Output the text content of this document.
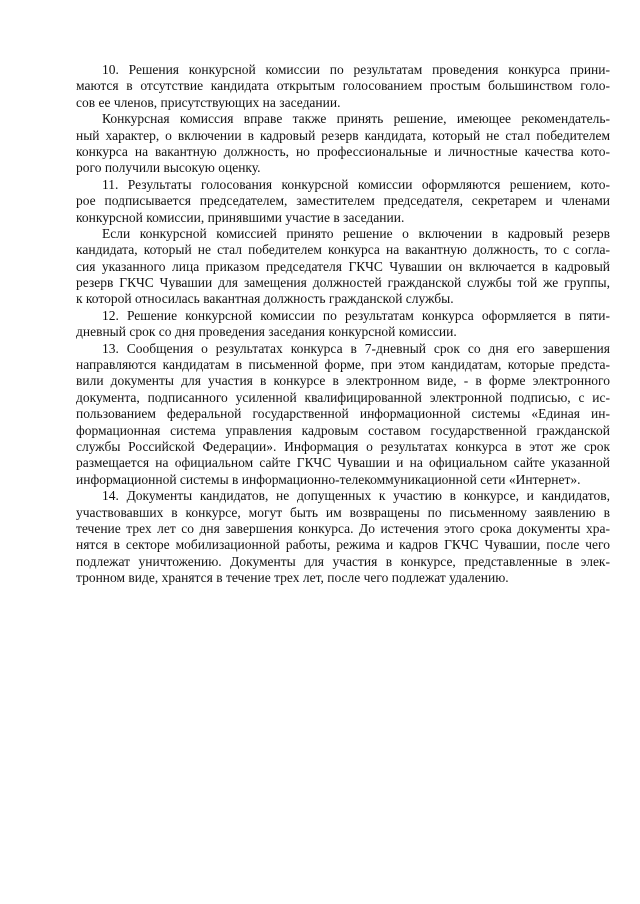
10. Решения конкурсной комиссии по результатам проведения конкурса прини-
маются в отсутствие кандидата открытым голосованием простым большинством голо-
сов ее членов, присутствующих на заседании.
Конкурсная комиссия вправе также принять решение, имеющее рекомендатель-
ный характер, о включении в кадровый резерв кандидата, который не стал победителем
конкурса на вакантную должность, но профессиональные и личностные качества кото-
рого получили высокую оценку.
11. Результаты голосования конкурсной комиссии оформляются решением, кото-
рое подписывается председателем, заместителем председателя, секретарем и членами
конкурсной комиссии, принявшими участие в заседании.
Если конкурсной комиссией принято решение о включении в кадровый резерв
кандидата, который не стал победителем конкурса на вакантную должность, то с согла-
сия указанного лица приказом председателя ГКЧС Чувашии он включается в кадровый
резерв ГКЧС Чувашии для замещения должностей гражданской службы той же группы,
к которой относилась вакантная должность гражданской службы.
12. Решение конкурсной комиссии по результатам конкурса оформляется в пяти-
дневный срок со дня проведения заседания конкурсной комиссии.
13. Сообщения о результатах конкурса в 7-дневный срок со дня его завершения
направляются кандидатам в письменной форме, при этом кандидатам, которые предста-
вили документы для участия в конкурсе в электронном виде, - в форме электронного
документа, подписанного усиленной квалифицированной электронной подписью, с ис-
пользованием федеральной государственной информационной системы «Единая ин-
формационная система управления кадровым составом государственной гражданской
службы Российской Федерации». Информация о результатах конкурса в этот же срок
размещается на официальном сайте ГКЧС Чувашии и на официальном сайте указанной
информационной системы в информационно-телекоммуникационной сети «Интернет».
14. Документы кандидатов, не допущенных к участию в конкурсе, и кандидатов,
участвовавших в конкурсе, могут быть им возвращены по письменному заявлению в
течение трех лет со дня завершения конкурса. До истечения этого срока документы хра-
нятся в секторе мобилизационной работы, режима и кадров ГКЧС Чувашии, после чего
подлежат уничтожению. Документы для участия в конкурсе, представленные в элек-
тронном виде, хранятся в течение трех лет, после чего подлежат удалению.
